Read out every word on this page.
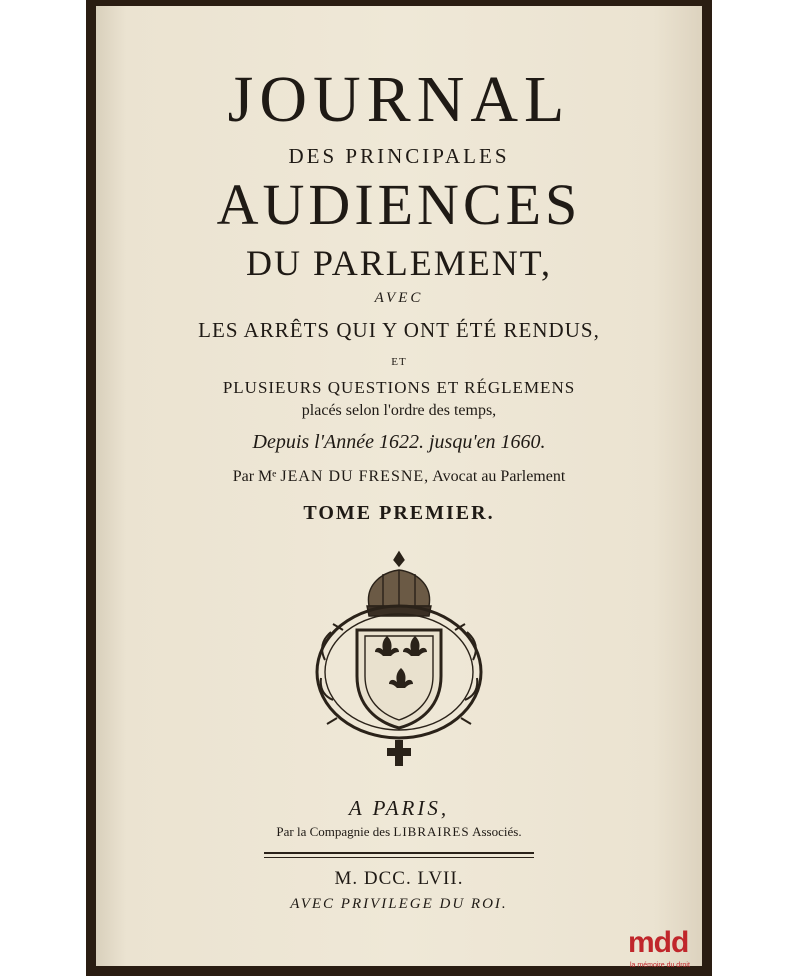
JOURNAL
DES PRINCIPALES
AUDIENCES
DU PARLEMENT,
AVEC
LES ARRÊTS QUI Y ONT ÉTÉ RENDUS,
ET
PLUSIEURS QUESTIONS ET RÉGLEMENS
placés selon l'ordre des temps,
Depuis l'Année 1622. jusqu'en 1660.
Par Mᵉ JEAN DU FRESNE, Avocat au Parlement
TOME PREMIER.
A PARIS,
Par la Compagnie des LIBRAIRES Associés.
M. DCC. LVII.
AVEC PRIVILEGE DU ROI.
mdd
la mémoire du droit
